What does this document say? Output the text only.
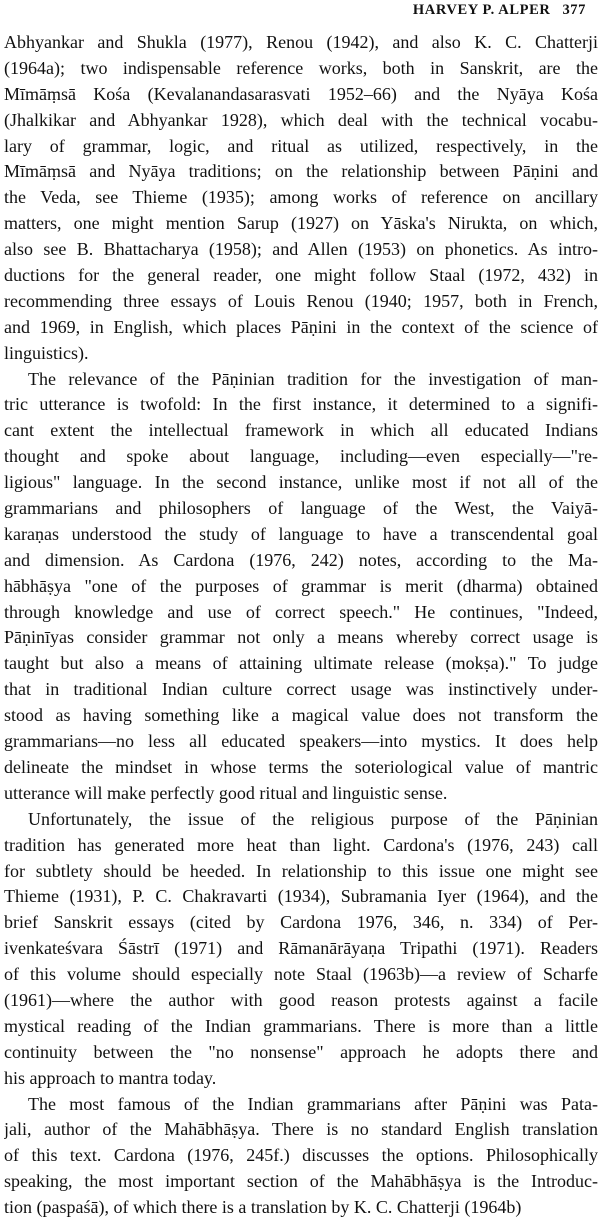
HARVEY P. ALPER 377
Abhyankar and Shukla (1977), Renou (1942), and also K. C. Chatterji
(1964a); two indispensable reference works, both in Sanskrit, are the
Mīmāṃsā Kośa (Kevalanandasarasvati 1952–66) and the Nyāya Kośa
(Jhalkikar and Abhyankar 1928), which deal with the technical vocabu-
lary of grammar, logic, and ritual as utilized, respectively, in the
Mīmāṃsā and Nyāya traditions; on the relationship between Pāṇini and
the Veda, see Thieme (1935); among works of reference on ancillary
matters, one might mention Sarup (1927) on Yāska's Nirukta, on which,
also see B. Bhattacharya (1958); and Allen (1953) on phonetics. As intro-
ductions for the general reader, one might follow Staal (1972, 432) in
recommending three essays of Louis Renou (1940; 1957, both in French,
and 1969, in English, which places Pāṇini in the context of the science of
linguistics).
The relevance of the Pāṇinian tradition for the investigation of man-
tric utterance is twofold: In the first instance, it determined to a signifi-
cant extent the intellectual framework in which all educated Indians
thought and spoke about language, including—even especially—"re-
ligious" language. In the second instance, unlike most if not all of the
grammarians and philosophers of language of the West, the Vaiyā-
karaṇas understood the study of language to have a transcendental goal
and dimension. As Cardona (1976, 242) notes, according to the Ma-
hābhāṣya "one of the purposes of grammar is merit (dharma) obtained
through knowledge and use of correct speech." He continues, "Indeed,
Pāṇinīyas consider grammar not only a means whereby correct usage is
taught but also a means of attaining ultimate release (mokṣa)." To judge
that in traditional Indian culture correct usage was instinctively under-
stood as having something like a magical value does not transform the
grammarians—no less all educated speakers—into mystics. It does help
delineate the mindset in whose terms the soteriological value of mantric
utterance will make perfectly good ritual and linguistic sense.
Unfortunately, the issue of the religious purpose of the Pāṇinian
tradition has generated more heat than light. Cardona's (1976, 243) call
for subtlety should be heeded. In relationship to this issue one might see
Thieme (1931), P. C. Chakravarti (1934), Subramania Iyer (1964), and the
brief Sanskrit essays (cited by Cardona 1976, 346, n. 334) of Per-
ivenkateśvara Śāstrī (1971) and Rāmanārāyaṇa Tripathi (1971). Readers
of this volume should especially note Staal (1963b)—a review of Scharfe
(1961)—where the author with good reason protests against a facile
mystical reading of the Indian grammarians. There is more than a little
continuity between the "no nonsense" approach he adopts there and
his approach to mantra today.
The most famous of the Indian grammarians after Pāṇini was Pata-
jali, author of the Mahābhāṣya. There is no standard English translation
of this text. Cardona (1976, 245f.) discusses the options. Philosophically
speaking, the most important section of the Mahābhāṣya is the Introduc-
tion (paspaśā), of which there is a translation by K. C. Chatterji (1964b)
